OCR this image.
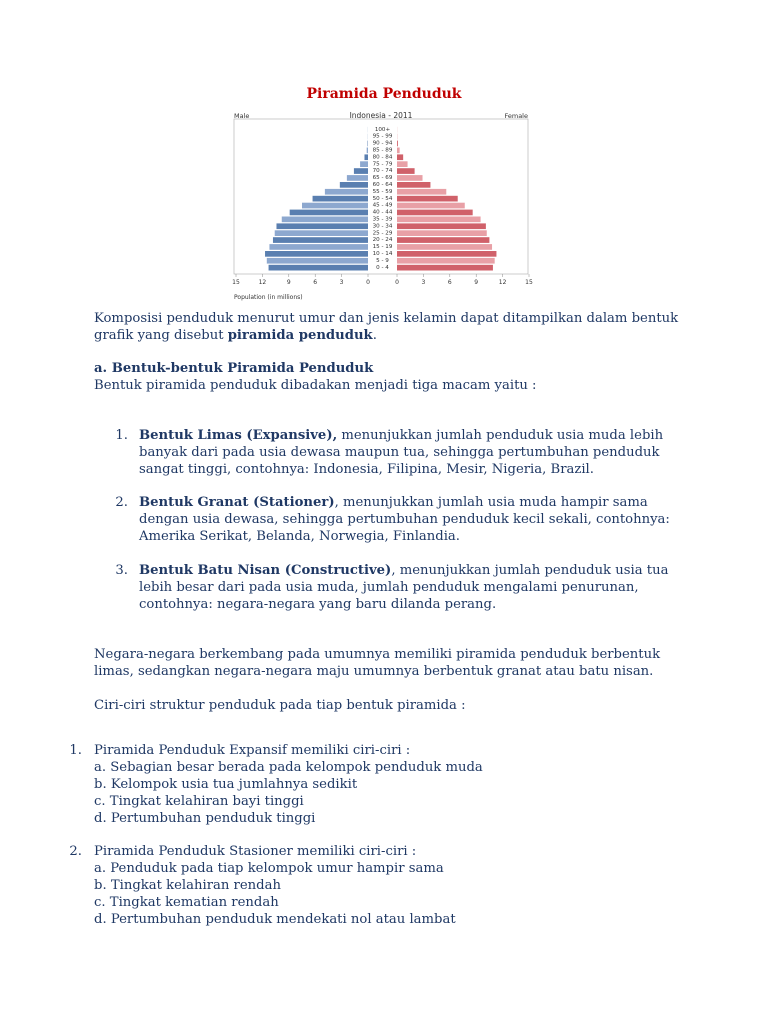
Piramida Penduduk
Male	Female
Indonesia - 2011
100+
95 - 99
90 - 94
85 - 89
80 - 84
75 - 79
70 - 74
65 - 69
60 - 64
55 - 59
50 - 54
45 - 49
40 - 44
35 - 39
30 - 34
25 - 29
20 - 24
15 - 19
10 - 14
5 - 9
0 - 4
15	12	9	6	3	0	0	3	6	9	12	15
Population (in millions)
Komposisi penduduk menurut umur dan jenis kelamin dapat ditampilkan dalam bentuk grafik yang disebut piramida penduduk.
a. Bentuk-bentuk Piramida Penduduk
Bentuk piramida penduduk dibadakan menjadi tiga macam yaitu :
1. Bentuk Limas (Expansive), menunjukkan jumlah penduduk usia muda lebih banyak dari pada usia dewasa maupun tua, sehingga pertumbuhan penduduk sangat tinggi, contohnya: Indonesia, Filipina, Mesir, Nigeria, Brazil.
2. Bentuk Granat (Stationer), menunjukkan jumlah usia muda hampir sama dengan usia dewasa, sehingga pertumbuhan penduduk kecil sekali, contohnya: Amerika Serikat, Belanda, Norwegia, Finlandia.
3. Bentuk Batu Nisan (Constructive), menunjukkan jumlah penduduk usia tua lebih besar dari pada usia muda, jumlah penduduk mengalami penurunan, contohnya: negara-negara yang baru dilanda perang.
Negara-negara berkembang pada umumnya memiliki piramida penduduk berbentuk limas, sedangkan negara-negara maju umumnya berbentuk granat atau batu nisan.
Ciri-ciri struktur penduduk pada tiap bentuk piramida :
1. Piramida Penduduk Expansif memiliki ciri-ciri :
a. Sebagian besar berada pada kelompok penduduk muda
b. Kelompok usia tua jumlahnya sedikit
c. Tingkat kelahiran bayi tinggi
d. Pertumbuhan penduduk tinggi
2. Piramida Penduduk Stasioner memiliki ciri-ciri :
a. Penduduk pada tiap kelompok umur hampir sama
b. Tingkat kelahiran rendah
c. Tingkat kematian rendah
d. Pertumbuhan penduduk mendekati nol atau lambat
